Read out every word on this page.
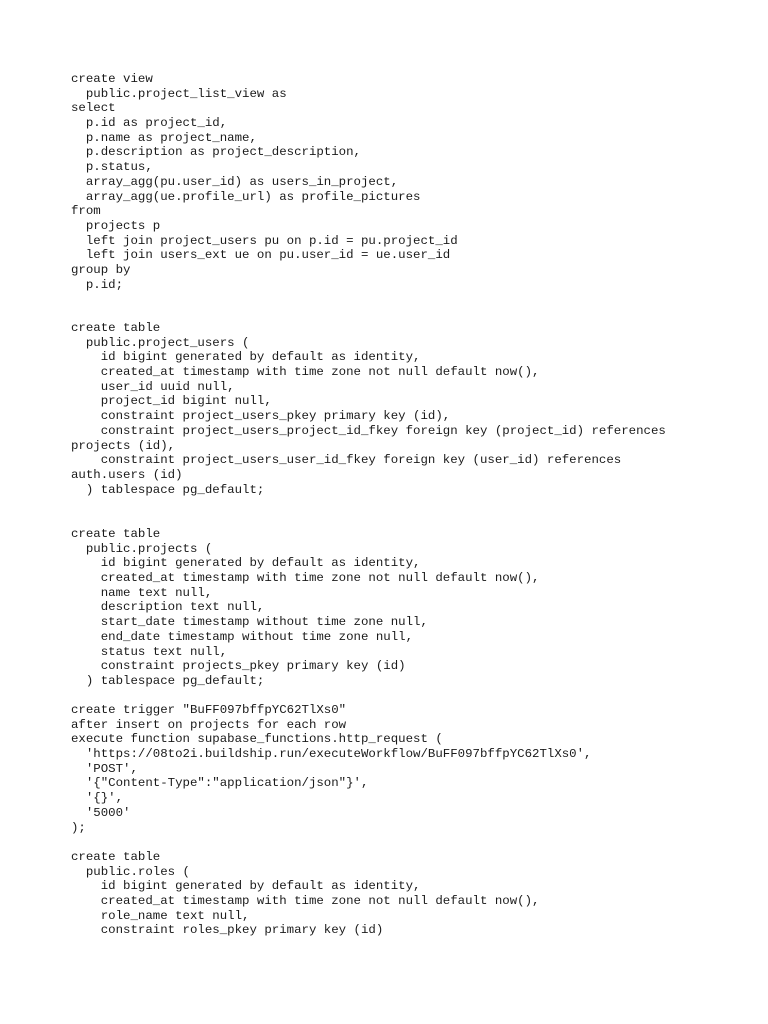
create view
public.project_list_view as
select
p.id as project_id,
p.name as project_name,
p.description as project_description,
p.status,
array_agg(pu.user_id) as users_in_project,
array_agg(ue.profile_url) as profile_pictures
from
projects p
left join project_users pu on p.id = pu.project_id
left join users_ext ue on pu.user_id = ue.user_id
group by
p.id;
create table
public.project_users (
id bigint generated by default as identity,
created_at timestamp with time zone not null default now(),
user_id uuid null,
project_id bigint null,
constraint project_users_pkey primary key (id),
constraint project_users_project_id_fkey foreign key (project_id) references
projects (id),
constraint project_users_user_id_fkey foreign key (user_id) references
auth.users (id)
) tablespace pg_default;
create table
public.projects (
id bigint generated by default as identity,
created_at timestamp with time zone not null default now(),
name text null,
description text null,
start_date timestamp without time zone null,
end_date timestamp without time zone null,
status text null,
constraint projects_pkey primary key (id)
) tablespace pg_default;
create trigger "BuFF097bffpYC62TlXs0"
after insert on projects for each row
execute function supabase_functions.http_request (
'https://08to2i.buildship.run/executeWorkflow/BuFF097bffpYC62TlXs0',
'POST',
'{"Content-Type":"application/json"}',
'{}',
'5000'
);
create table
public.roles (
id bigint generated by default as identity,
created_at timestamp with time zone not null default now(),
role_name text null,
constraint roles_pkey primary key (id)
